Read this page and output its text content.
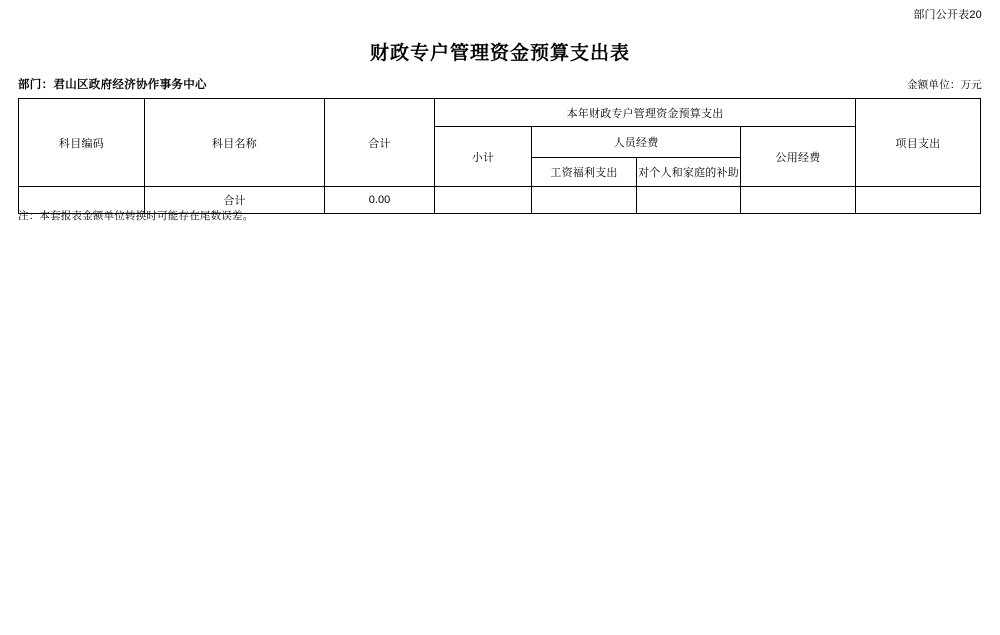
部门公开表20
财政专户管理资金预算支出表
部门：君山区政府经济协作事务中心	金额单位：万元
科目编码	科目名称	合计	本年财政专户管理资金预算支出				项目支出
			小计	人员经费		公用经费	
				工资福利支出	对个人和家庭的补助		
	合计	0.00					
注：本套报表金额单位转换时可能存在尾数误差。
